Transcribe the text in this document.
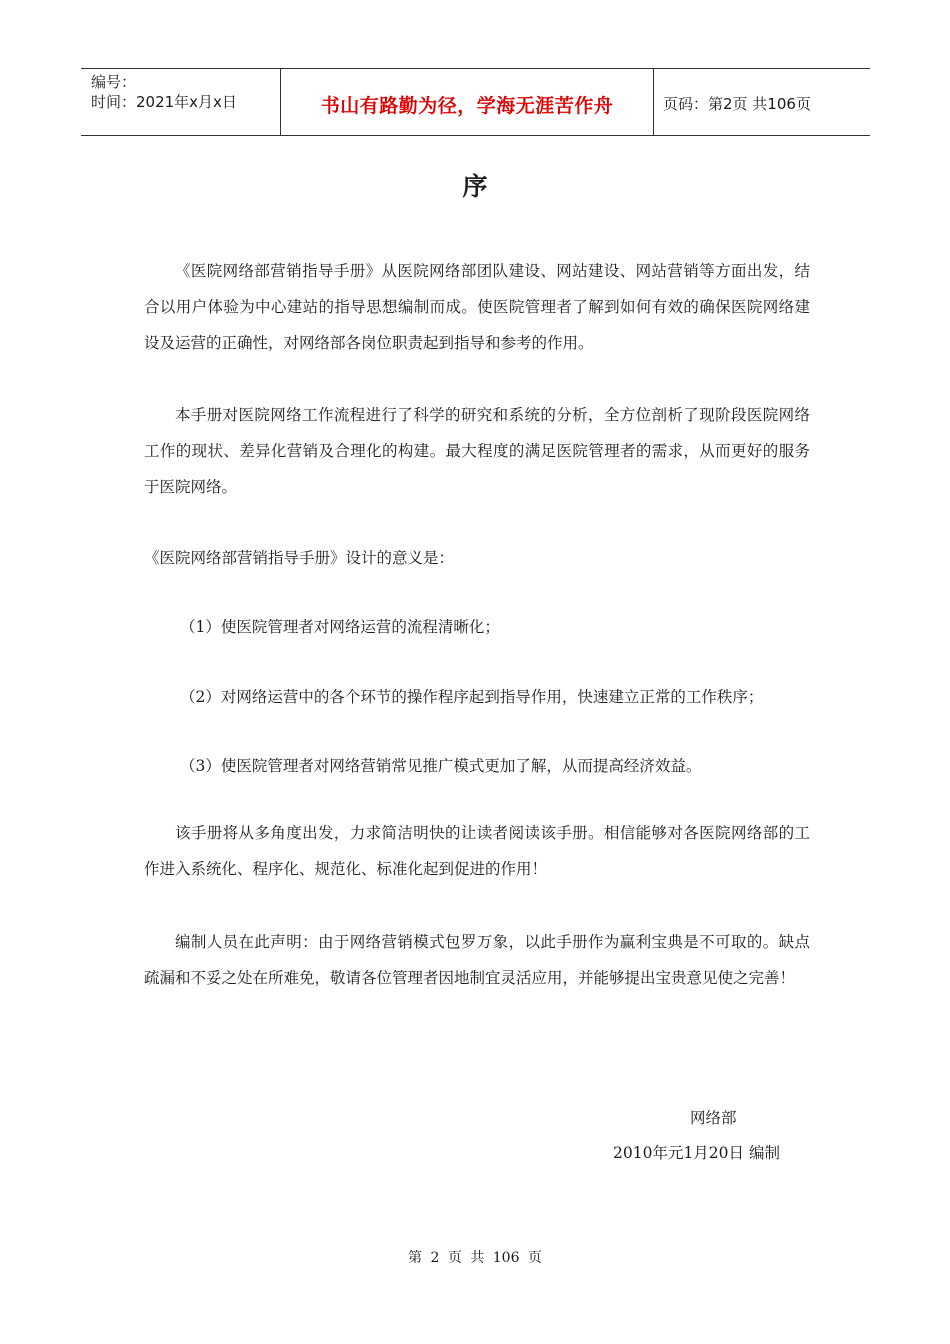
编号：
时间：2021年x月x日	书山有路勤为径，学海无涯苦作舟	页码：第2页 共106页
序

《医院网络部营销指导手册》从医院网络部团队建设、网站建设、网站营销等方面出发，结合以用户体验为中心建站的指导思想编制而成。使医院管理者了解到如何有效的确保医院网络建设及运营的正确性，对网络部各岗位职责起到指导和参考的作用。

本手册对医院网络工作流程进行了科学的研究和系统的分析，全方位剖析了现阶段医院网络工作的现状、差异化营销及合理化的构建。最大程度的满足医院管理者的需求，从而更好的服务于医院网络。

《医院网络部营销指导手册》设计的意义是：

（1）使医院管理者对网络运营的流程清晰化；

（2）对网络运营中的各个环节的操作程序起到指导作用，快速建立正常的工作秩序；

（3）使医院管理者对网络营销常见推广模式更加了解，从而提高经济效益。

该手册将从多角度出发，力求简洁明快的让读者阅读该手册。相信能够对各医院网络部的工作进入系统化、程序化、规范化、标准化起到促进的作用！

编制人员在此声明：由于网络营销模式包罗万象，以此手册作为赢利宝典是不可取的。缺点疏漏和不妥之处在所难免，敬请各位管理者因地制宜灵活应用，并能够提出宝贵意见使之完善！

网络部
2010年元1月20日 编制
第 2 页 共 106 页
